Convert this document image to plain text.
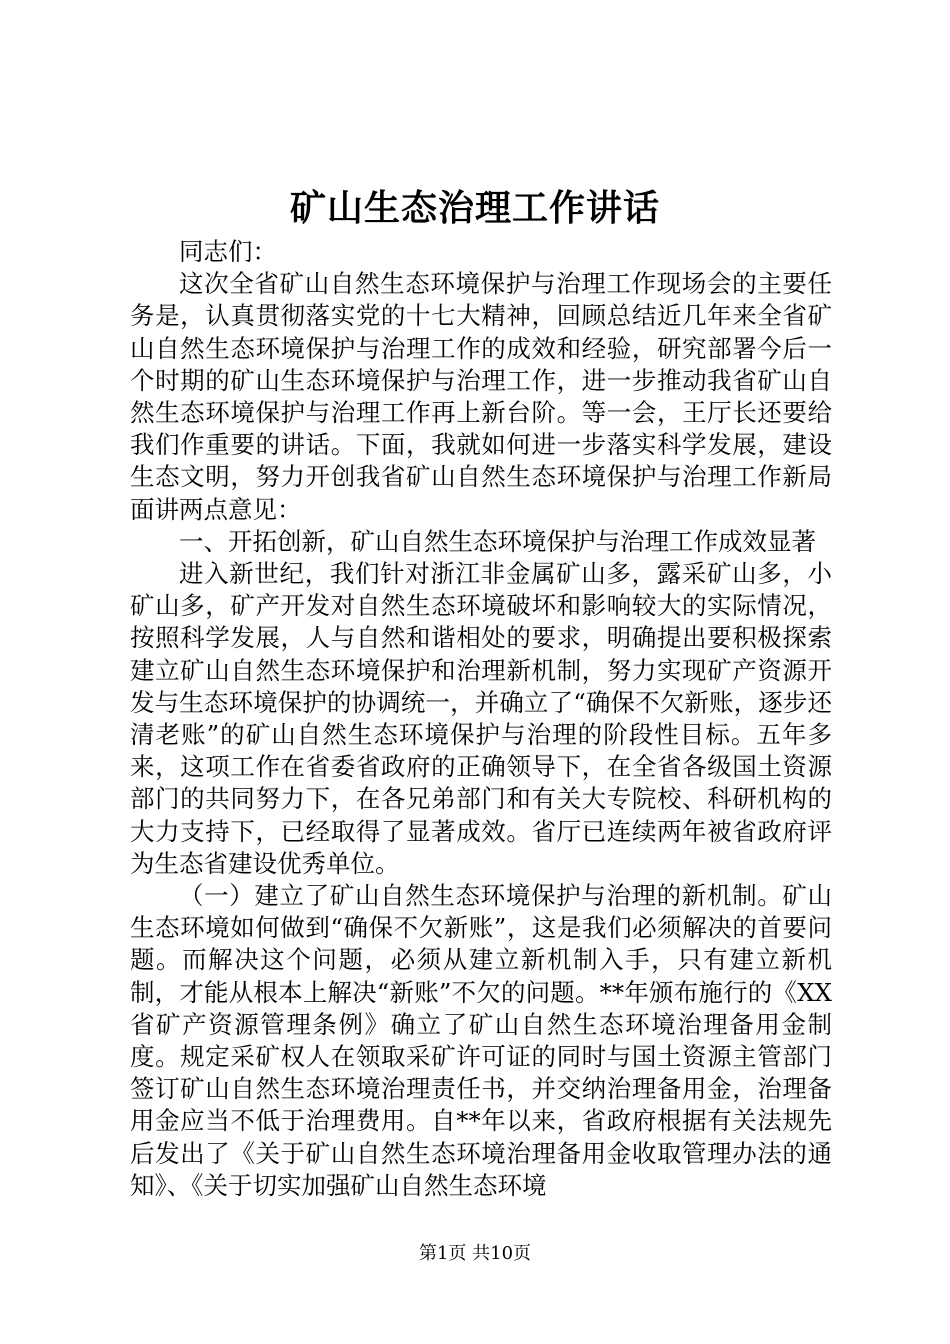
矿山生态治理工作讲话

同志们：

这次全省矿山自然生态环境保护与治理工作现场会的主要任务是，认真贯彻落实党的十七大精神，回顾总结近几年来全省矿山自然生态环境保护与治理工作的成效和经验，研究部署今后一个时期的矿山生态环境保护与治理工作，进一步推动我省矿山自然生态环境保护与治理工作再上新台阶。等一会，王厅长还要给我们作重要的讲话。下面，我就如何进一步落实科学发展，建设生态文明，努力开创我省矿山自然生态环境保护与治理工作新局面讲两点意见：

一、开拓创新，矿山自然生态环境保护与治理工作成效显著

进入新世纪，我们针对浙江非金属矿山多，露采矿山多，小矿山多，矿产开发对自然生态环境破坏和影响较大的实际情况，按照科学发展，人与自然和谐相处的要求，明确提出要积极探索建立矿山自然生态环境保护和治理新机制，努力实现矿产资源开发与生态环境保护的协调统一，并确立了“确保不欠新账，逐步还清老账”的矿山自然生态环境保护与治理的阶段性目标。五年多来，这项工作在省委省政府的正确领导下，在全省各级国土资源部门的共同努力下，在各兄弟部门和有关大专院校、科研机构的大力支持下，已经取得了显著成效。省厅已连续两年被省政府评为生态省建设优秀单位。

（一）建立了矿山自然生态环境保护与治理的新机制。矿山生态环境如何做到“确保不欠新账”，这是我们必须解决的首要问题。而解决这个问题，必须从建立新机制入手，只有建立新机制，才能从根本上解决“新账”不欠的问题。**年颁布施行的《XX省矿产资源管理条例》确立了矿山自然生态环境治理备用金制度。规定采矿权人在领取采矿许可证的同时与国土资源主管部门签订矿山自然生态环境治理责任书，并交纳治理备用金，治理备用金应当不低于治理费用。自**年以来，省政府根据有关法规先后发出了《关于矿山自然生态环境治理备用金收取管理办法的通知》、《关于切实加强矿山自然生态环境

第1页 共10页
